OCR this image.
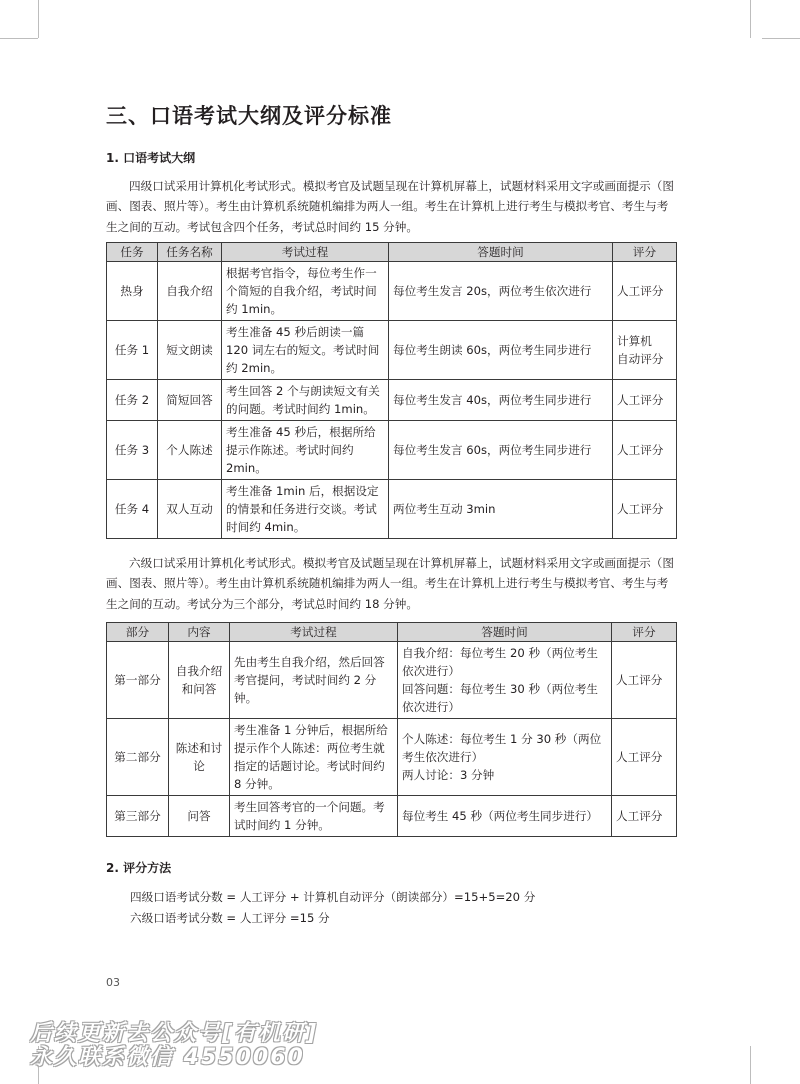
三、口语考试大纲及评分标准
1. 口语考试大纲

四级口试采用计算机化考试形式。模拟考官及试题呈现在计算机屏幕上，试题材料采用文字或画面提示（图画、图表、照片等）。考生由计算机系统随机编排为两人一组。考生在计算机上进行考生与模拟考官、考生与考生之间的互动。考试包含四个任务，考试总时间约 15 分钟。

任务	任务名称	考试过程	答题时间	评分
热身	自我介绍	根据考官指令，每位考生作一个简短的自我介绍，考试时间约 1min。	每位考生发言 20s，两位考生依次进行	人工评分
任务 1	短文朗读	考生准备 45 秒后朗读一篇 120 词左右的短文。考试时间约 2min。	每位考生朗读 60s，两位考生同步进行	计算机
自动评分
任务 2	简短回答	考生回答 2 个与朗读短文有关的问题。考试时间约 1min。	每位考生发言 40s，两位考生同步进行	人工评分
任务 3	个人陈述	考生准备 45 秒后，根据所给提示作陈述。考试时间约 2min。	每位考生发言 60s，两位考生同步进行	人工评分
任务 4	双人互动	考生准备 1min 后，根据设定的情景和任务进行交谈。考试时间约 4min。	两位考生互动 3min	人工评分

六级口试采用计算机化考试形式。模拟考官及试题呈现在计算机屏幕上，试题材料采用文字或画面提示（图画、图表、照片等）。考生由计算机系统随机编排为两人一组。考生在计算机上进行考生与模拟考官、考生与考生之间的互动。考试分为三个部分，考试总时间约 18 分钟。

部分	内容	考试过程	答题时间	评分
第一部分	自我介绍
和问答	先由考生自我介绍，然后回答考官提问，考试时间约 2 分钟。	自我介绍：每位考生 20 秒（两位考生依次进行）
回答问题：每位考生 30 秒（两位考生依次进行）	人工评分
第二部分	陈述和讨论	考生准备 1 分钟后，根据所给提示作个人陈述：两位考生就指定的话题讨论。考试时间约 8 分钟。	个人陈述：每位考生 1 分 30 秒（两位考生依次进行）
两人讨论：3 分钟	人工评分
第三部分	问答	考生回答考官的一个问题。考试时间约 1 分钟。	每位考生 45 秒（两位考生同步进行）	人工评分
2. 评分方法
四级口语考试分数 = 人工评分 + 计算机自动评分（朗读部分）=15+5=20 分
六级口语考试分数 = 人工评分 =15 分
03
后续更新去公众号[有机研]
永久联系微信 4550060
